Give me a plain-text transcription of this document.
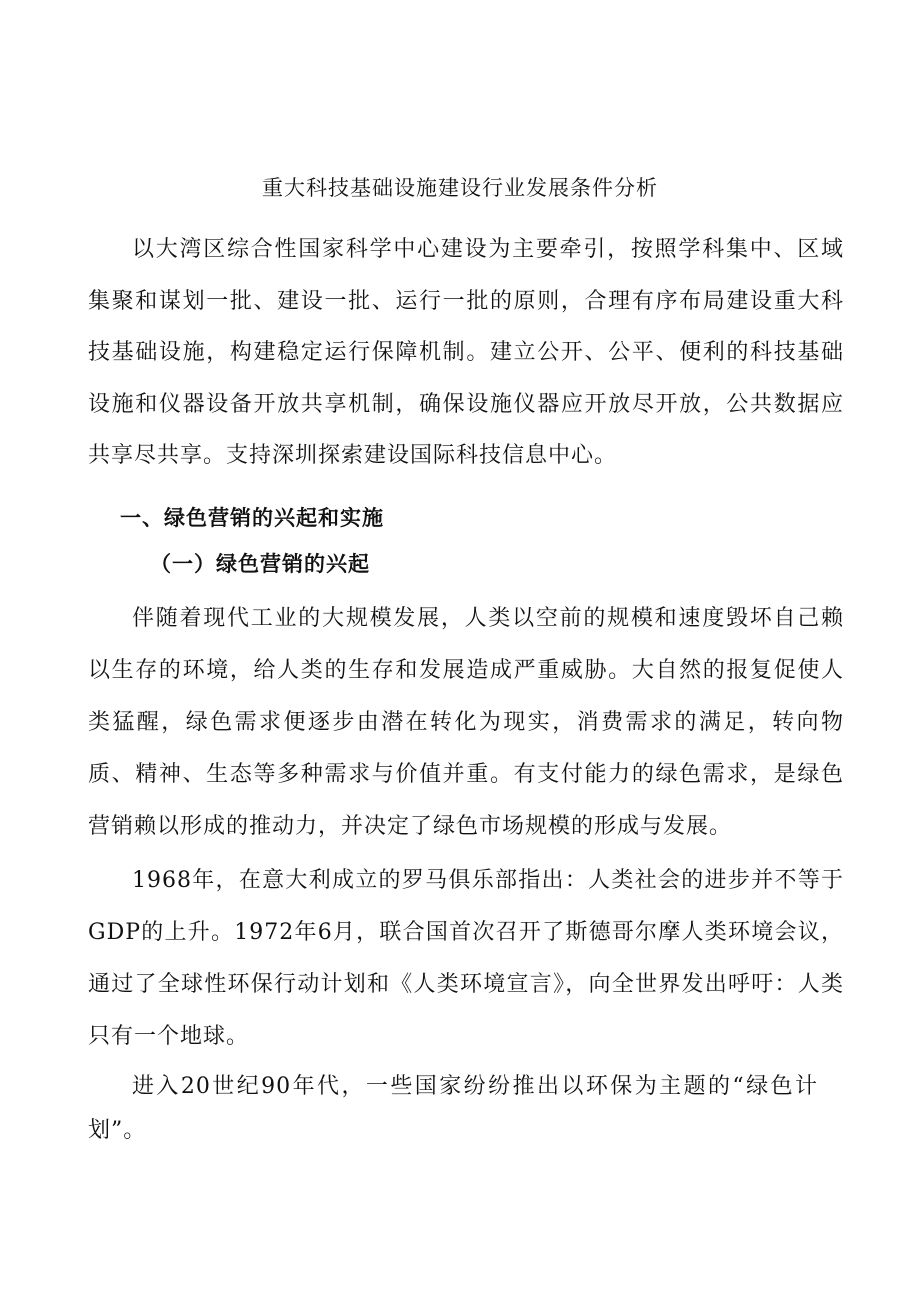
重大科技基础设施建设行业发展条件分析

以大湾区综合性国家科学中心建设为主要牵引，按照学科集中、区域集聚和谋划一批、建设一批、运行一批的原则，合理有序布局建设重大科技基础设施，构建稳定运行保障机制。建立公开、公平、便利的科技基础设施和仪器设备开放共享机制，确保设施仪器应开放尽开放，公共数据应共享尽共享。支持深圳探索建设国际科技信息中心。

一、绿色营销的兴起和实施
（一）绿色营销的兴起

伴随着现代工业的大规模发展，人类以空前的规模和速度毁坏自己赖以生存的环境，给人类的生存和发展造成严重威胁。大自然的报复促使人类猛醒，绿色需求便逐步由潜在转化为现实，消费需求的满足，转向物质、精神、生态等多种需求与价值并重。有支付能力的绿色需求，是绿色营销赖以形成的推动力，并决定了绿色市场规模的形成与发展。

1968年，在意大利成立的罗马俱乐部指出：人类社会的进步并不等于GDP的上升。1972年6月，联合国首次召开了斯德哥尔摩人类环境会议，通过了全球性环保行动计划和《人类环境宣言》，向全世界发出呼吁：人类只有一个地球。

进入20世纪90年代，一些国家纷纷推出以环保为主题的“绿色计划”。
